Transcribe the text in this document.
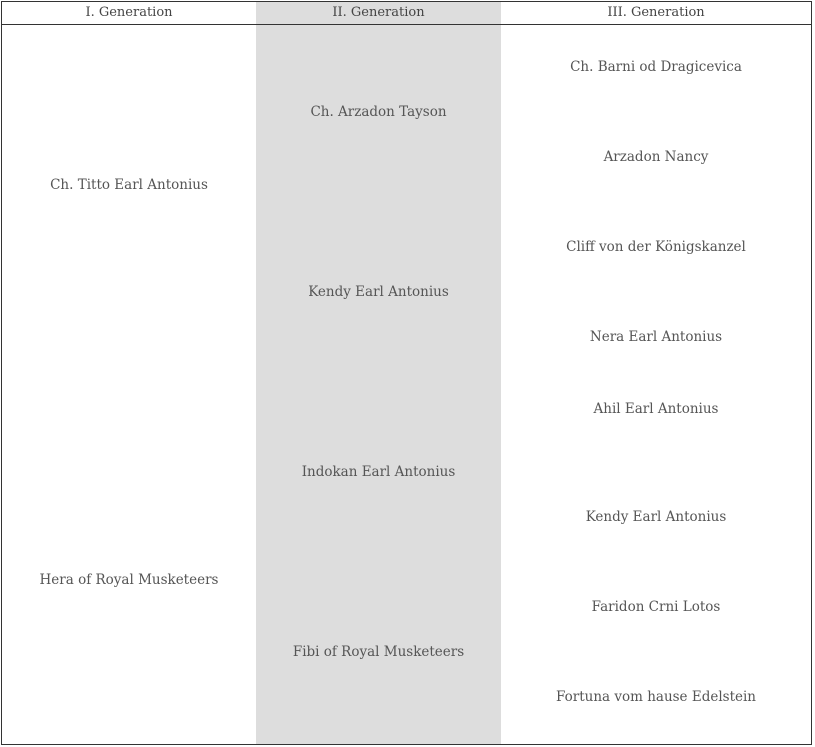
I. Generation	II. Generation	III. Generation
Ch. Titto Earl Antonius
Hera of Royal Musketeers
Ch. Arzadon Tayson
Kendy Earl Antonius
Indokan Earl Antonius
Fibi of Royal Musketeers
Ch. Barni od Dragicevica
Arzadon Nancy
Cliff von der Königskanzel
Nera Earl Antonius
Ahil Earl Antonius
Kendy Earl Antonius
Faridon Crni Lotos
Fortuna vom hause Edelstein
